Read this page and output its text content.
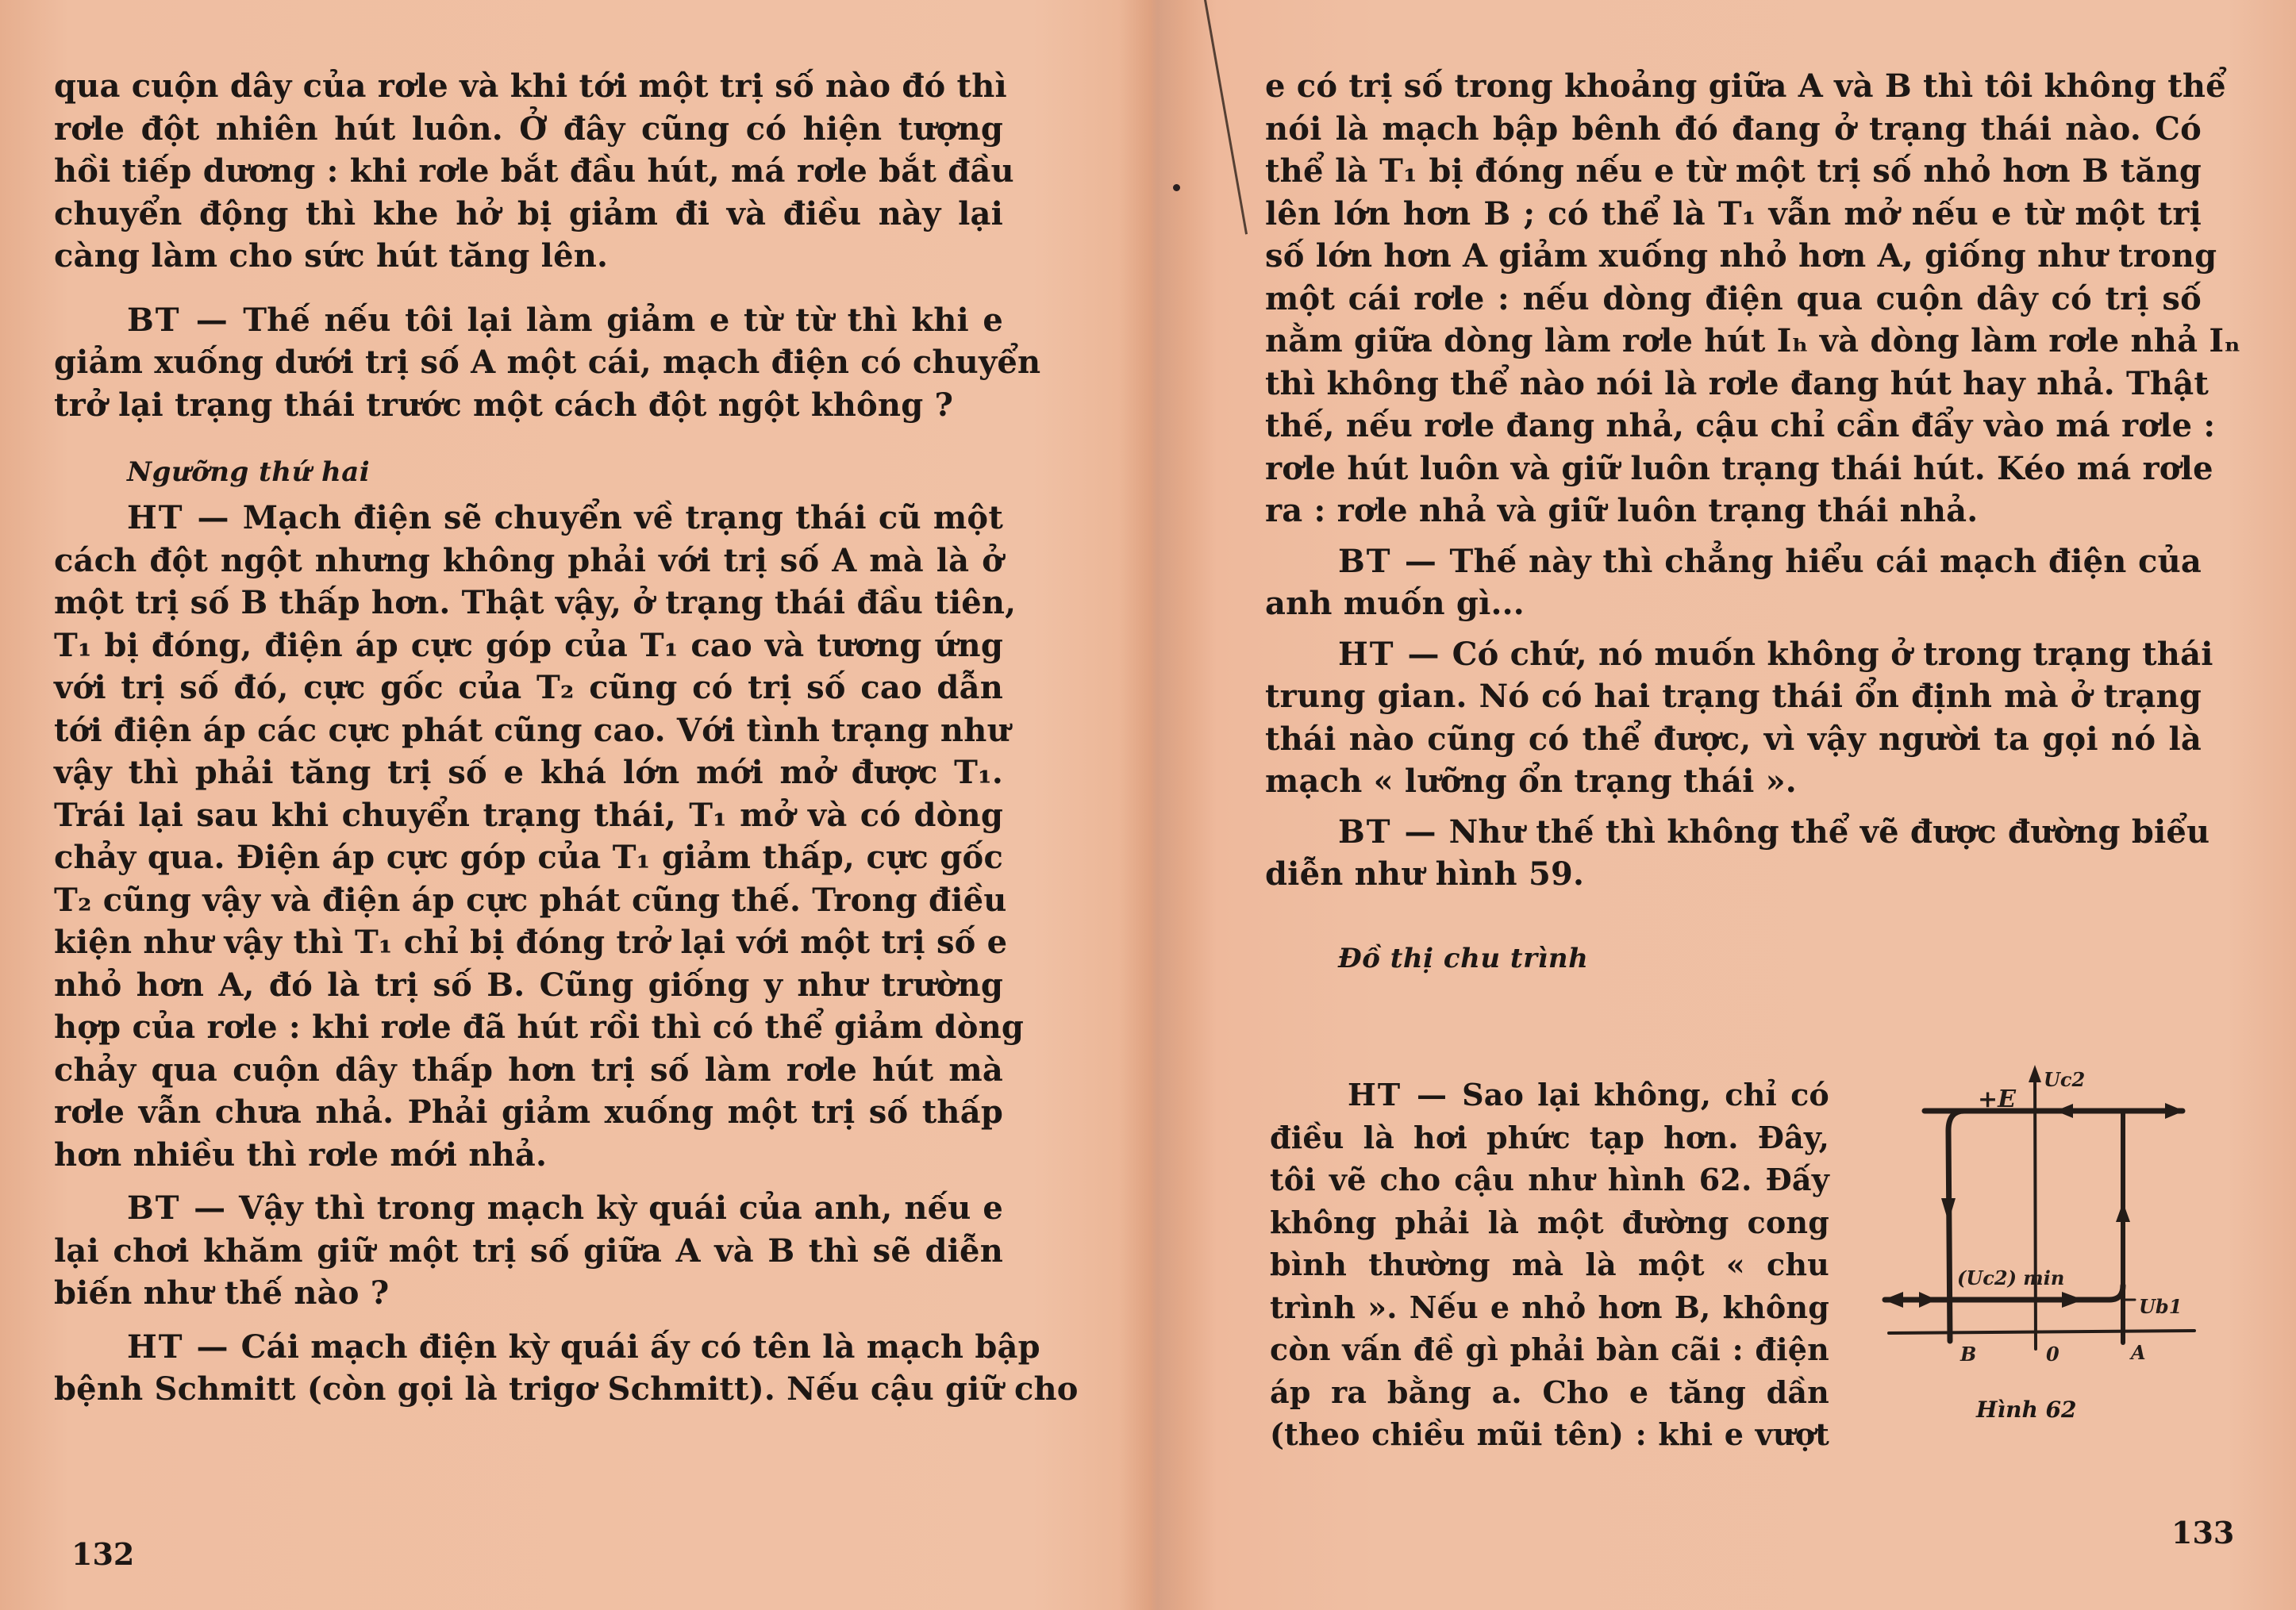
qua cuộn dây của rơle và khi tới một trị số nào đó thì
rơle đột nhiên hút luôn. Ở đây cũng có hiện tượng
hồi tiếp dương : khi rơle bắt đầu hút, má rơle bắt đầu
chuyển động thì khe hở bị giảm đi và điều này lại
càng làm cho sức hút tăng lên.
BT — Thế nếu tôi lại làm giảm e từ từ thì khi e
giảm xuống dưới trị số A một cái, mạch điện có chuyển
trở lại trạng thái trước một cách đột ngột không ?
Ngưỡng thứ hai
HT — Mạch điện sẽ chuyển về trạng thái cũ một
cách đột ngột nhưng không phải với trị số A mà là ở
một trị số B thấp hơn. Thật vậy, ở trạng thái đầu tiên,
T₁ bị đóng, điện áp cực góp của T₁ cao và tương ứng
với trị số đó, cực gốc của T₂ cũng có trị số cao dẫn
tới điện áp các cực phát cũng cao. Với tình trạng như
vậy thì phải tăng trị số e khá lớn mới mở được T₁.
Trái lại sau khi chuyển trạng thái, T₁ mở và có dòng
chảy qua. Điện áp cực góp của T₁ giảm thấp, cực gốc
T₂ cũng vậy và điện áp cực phát cũng thế. Trong điều
kiện như vậy thì T₁ chỉ bị đóng trở lại với một trị số e
nhỏ hơn A, đó là trị số B. Cũng giống y như trường
hợp của rơle : khi rơle đã hút rồi thì có thể giảm dòng
chảy qua cuộn dây thấp hơn trị số làm rơle hút mà
rơle vẫn chưa nhả. Phải giảm xuống một trị số thấp
hơn nhiều thì rơle mới nhả.
BT — Vậy thì trong mạch kỳ quái của anh, nếu e
lại chơi khăm giữ một trị số giữa A và B thì sẽ diễn
biến như thế nào ?
HT — Cái mạch điện kỳ quái ấy có tên là mạch bập
bệnh Schmitt (còn gọi là trigơ Schmitt). Nếu cậu giữ cho
132
e có trị số trong khoảng giữa A và B thì tôi không thể
nói là mạch bập bênh đó đang ở trạng thái nào. Có
thể là T₁ bị đóng nếu e từ một trị số nhỏ hơn B tăng
lên lớn hơn B ; có thể là T₁ vẫn mở nếu e từ một trị
số lớn hơn A giảm xuống nhỏ hơn A, giống như trong
một cái rơle : nếu dòng điện qua cuộn dây có trị số
nằm giữa dòng làm rơle hút Iₕ và dòng làm rơle nhả Iₙ
thì không thể nào nói là rơle đang hút hay nhả. Thật
thế, nếu rơle đang nhả, cậu chỉ cần đẩy vào má rơle :
rơle hút luôn và giữ luôn trạng thái hút. Kéo má rơle
ra : rơle nhả và giữ luôn trạng thái nhả.
BT — Thế này thì chẳng hiểu cái mạch điện của
anh muốn gì...
HT — Có chứ, nó muốn không ở trong trạng thái
trung gian. Nó có hai trạng thái ổn định mà ở trạng
thái nào cũng có thể được, vì vậy người ta gọi nó là
mạch « lưỡng ổn trạng thái ».
BT — Như thế thì không thể vẽ được đường biểu
diễn như hình 59.
Đồ thị chu trình
HT — Sao lại không, chỉ có
điều là hơi phức tạp hơn. Đây,
tôi vẽ cho cậu như hình 62. Đấy
không phải là một đường cong
bình thường mà là một « chu
trình ». Nếu e nhỏ hơn B, không
còn vấn đề gì phải bàn cãi : điện
áp ra bằng a. Cho e tăng dần
(theo chiều mũi tên) : khi e vượt
+E
Uc2
(Uc2) min
Ub1
B	0	A
Hình 62
133
